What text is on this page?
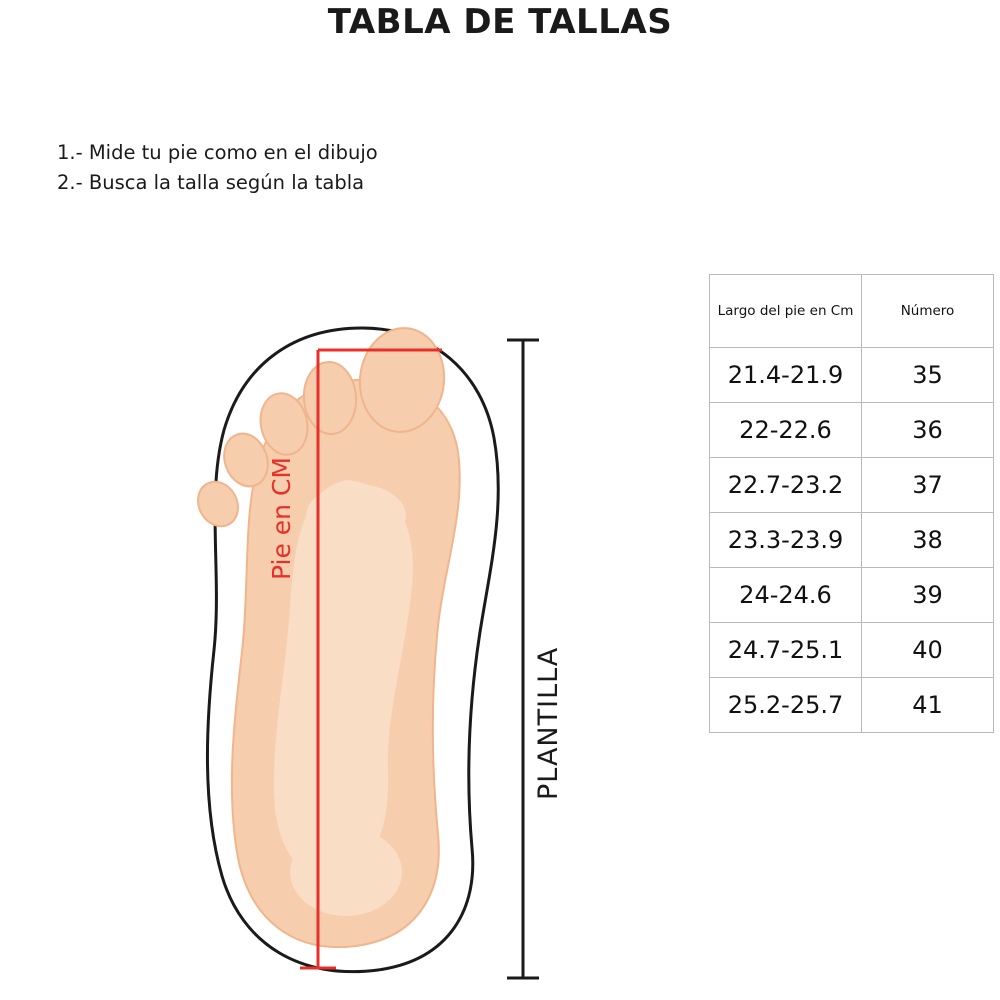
TABLA DE TALLAS
1.- Mide tu pie como en el dibujo
2.- Busca la talla según la tabla
Pie en CM
PLANTILLA
Largo del pie en Cm	Número
21.4-21.9	35
22-22.6	36
22.7-23.2	37
23.3-23.9	38
24-24.6	39
24.7-25.1	40
25.2-25.7	41
